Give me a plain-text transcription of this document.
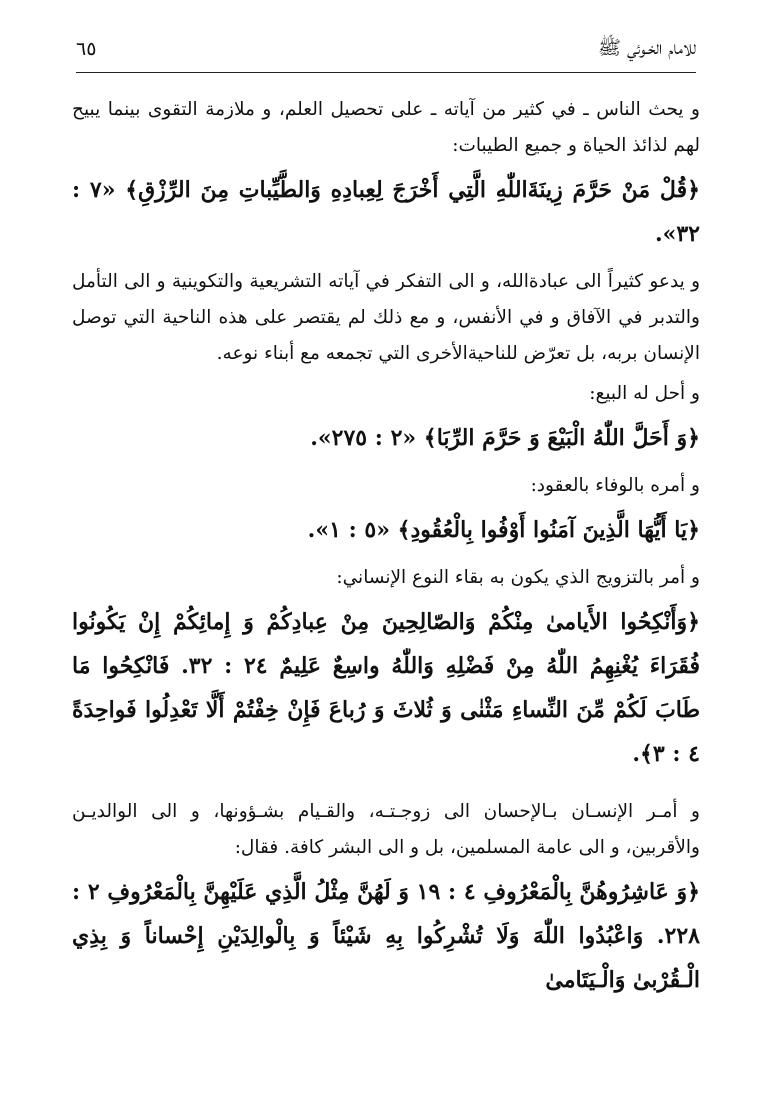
للامام الخـوئي ﷺ
٦٥

و يحث الناس ـ في كثير من آياته ـ على تحصيل العلم، و ملازمة التقوى بينما يبيح لهم لذائذ الحياة و جميع الطيبات:

﴿قُلْ مَنْ حَرَّمَ زِينَةَاللّٰهِ الَّتِي أَخْرَجَ لِعِبادِهِ وَالطَّيِّباتِ مِنَ الرِّزْقِ﴾ «٧ : ٣٢».

و يدعو كثيراً الى عبادةالله، و الى التفكر في آياته التشريعية والتكوينية و الى التأمل والتدبر في الآفاق و في الأنفس، و مع ذلك لم يقتصر على هذه الناحية التي توصل الإنسان بربه، بل تعرّض للناحيةالأخرى التي تجمعه مع أبناء نوعه.

و أحل له البيع:

﴿وَ أَحَلَّ اللّٰهُ الْبَيْعَ وَ حَرَّمَ الرِّبَا﴾ «٢ : ٢٧٥».

و أمره بالوفاء بالعقود:

﴿يَا أَيُّهَا الَّذِينَ آمَنُوا أَوْفُوا بِالْعُقُودِ﴾ «٥ : ١».

و أمر بالتزويج الذي يكون به بقاء النوع الإنساني:

﴿وَأَنْكِحُوا الأَيامىٰ مِنْكُمْ وَالصّالِحِينَ مِنْ عِبادِكُمْ وَ إِمائِكُمْ إِنْ يَكُونُوا فُقَرَاءَ يُغْنِهِمُ اللّٰهُ مِنْ فَضْلِهِ وَاللّٰهُ واسِعٌ عَلِيمٌ ٢٤ : ٣٢. فَانْكِحُوا مَا طَابَ لَكُمْ مِّنَ النِّساءِ مَثْنٰى وَ ثُلاثَ وَ رُباعَ فَإِنْ خِفْتُمْ أَلَّا تَعْدِلُوا فَواحِدَةً ٤ : ٣﴾.

و أمـر الإنسـان بـالإحسان الى زوجـتـه، والقـيام بشـؤونها، و الى الوالديـن والأقربين، و الى عامة المسلمين، بل و الى البشر كافة. فقال:

﴿وَ عَاشِرُوهُنَّ بِالْمَعْرُوفِ ٤ : ١٩ وَ لَهُنَّ مِثْلُ الَّذِي عَلَيْهِنَّ بِالْمَعْرُوفِ ٢ : ٢٢٨. وَاعْبُدُوا اللّٰهَ وَلَا تُشْرِكُوا بِهِ شَيْئاً وَ بِالْوالِدَيْنِ إِحْساناً وَ بِذِي الْـقُرْبىٰ وَالْـيَتَامىٰ
